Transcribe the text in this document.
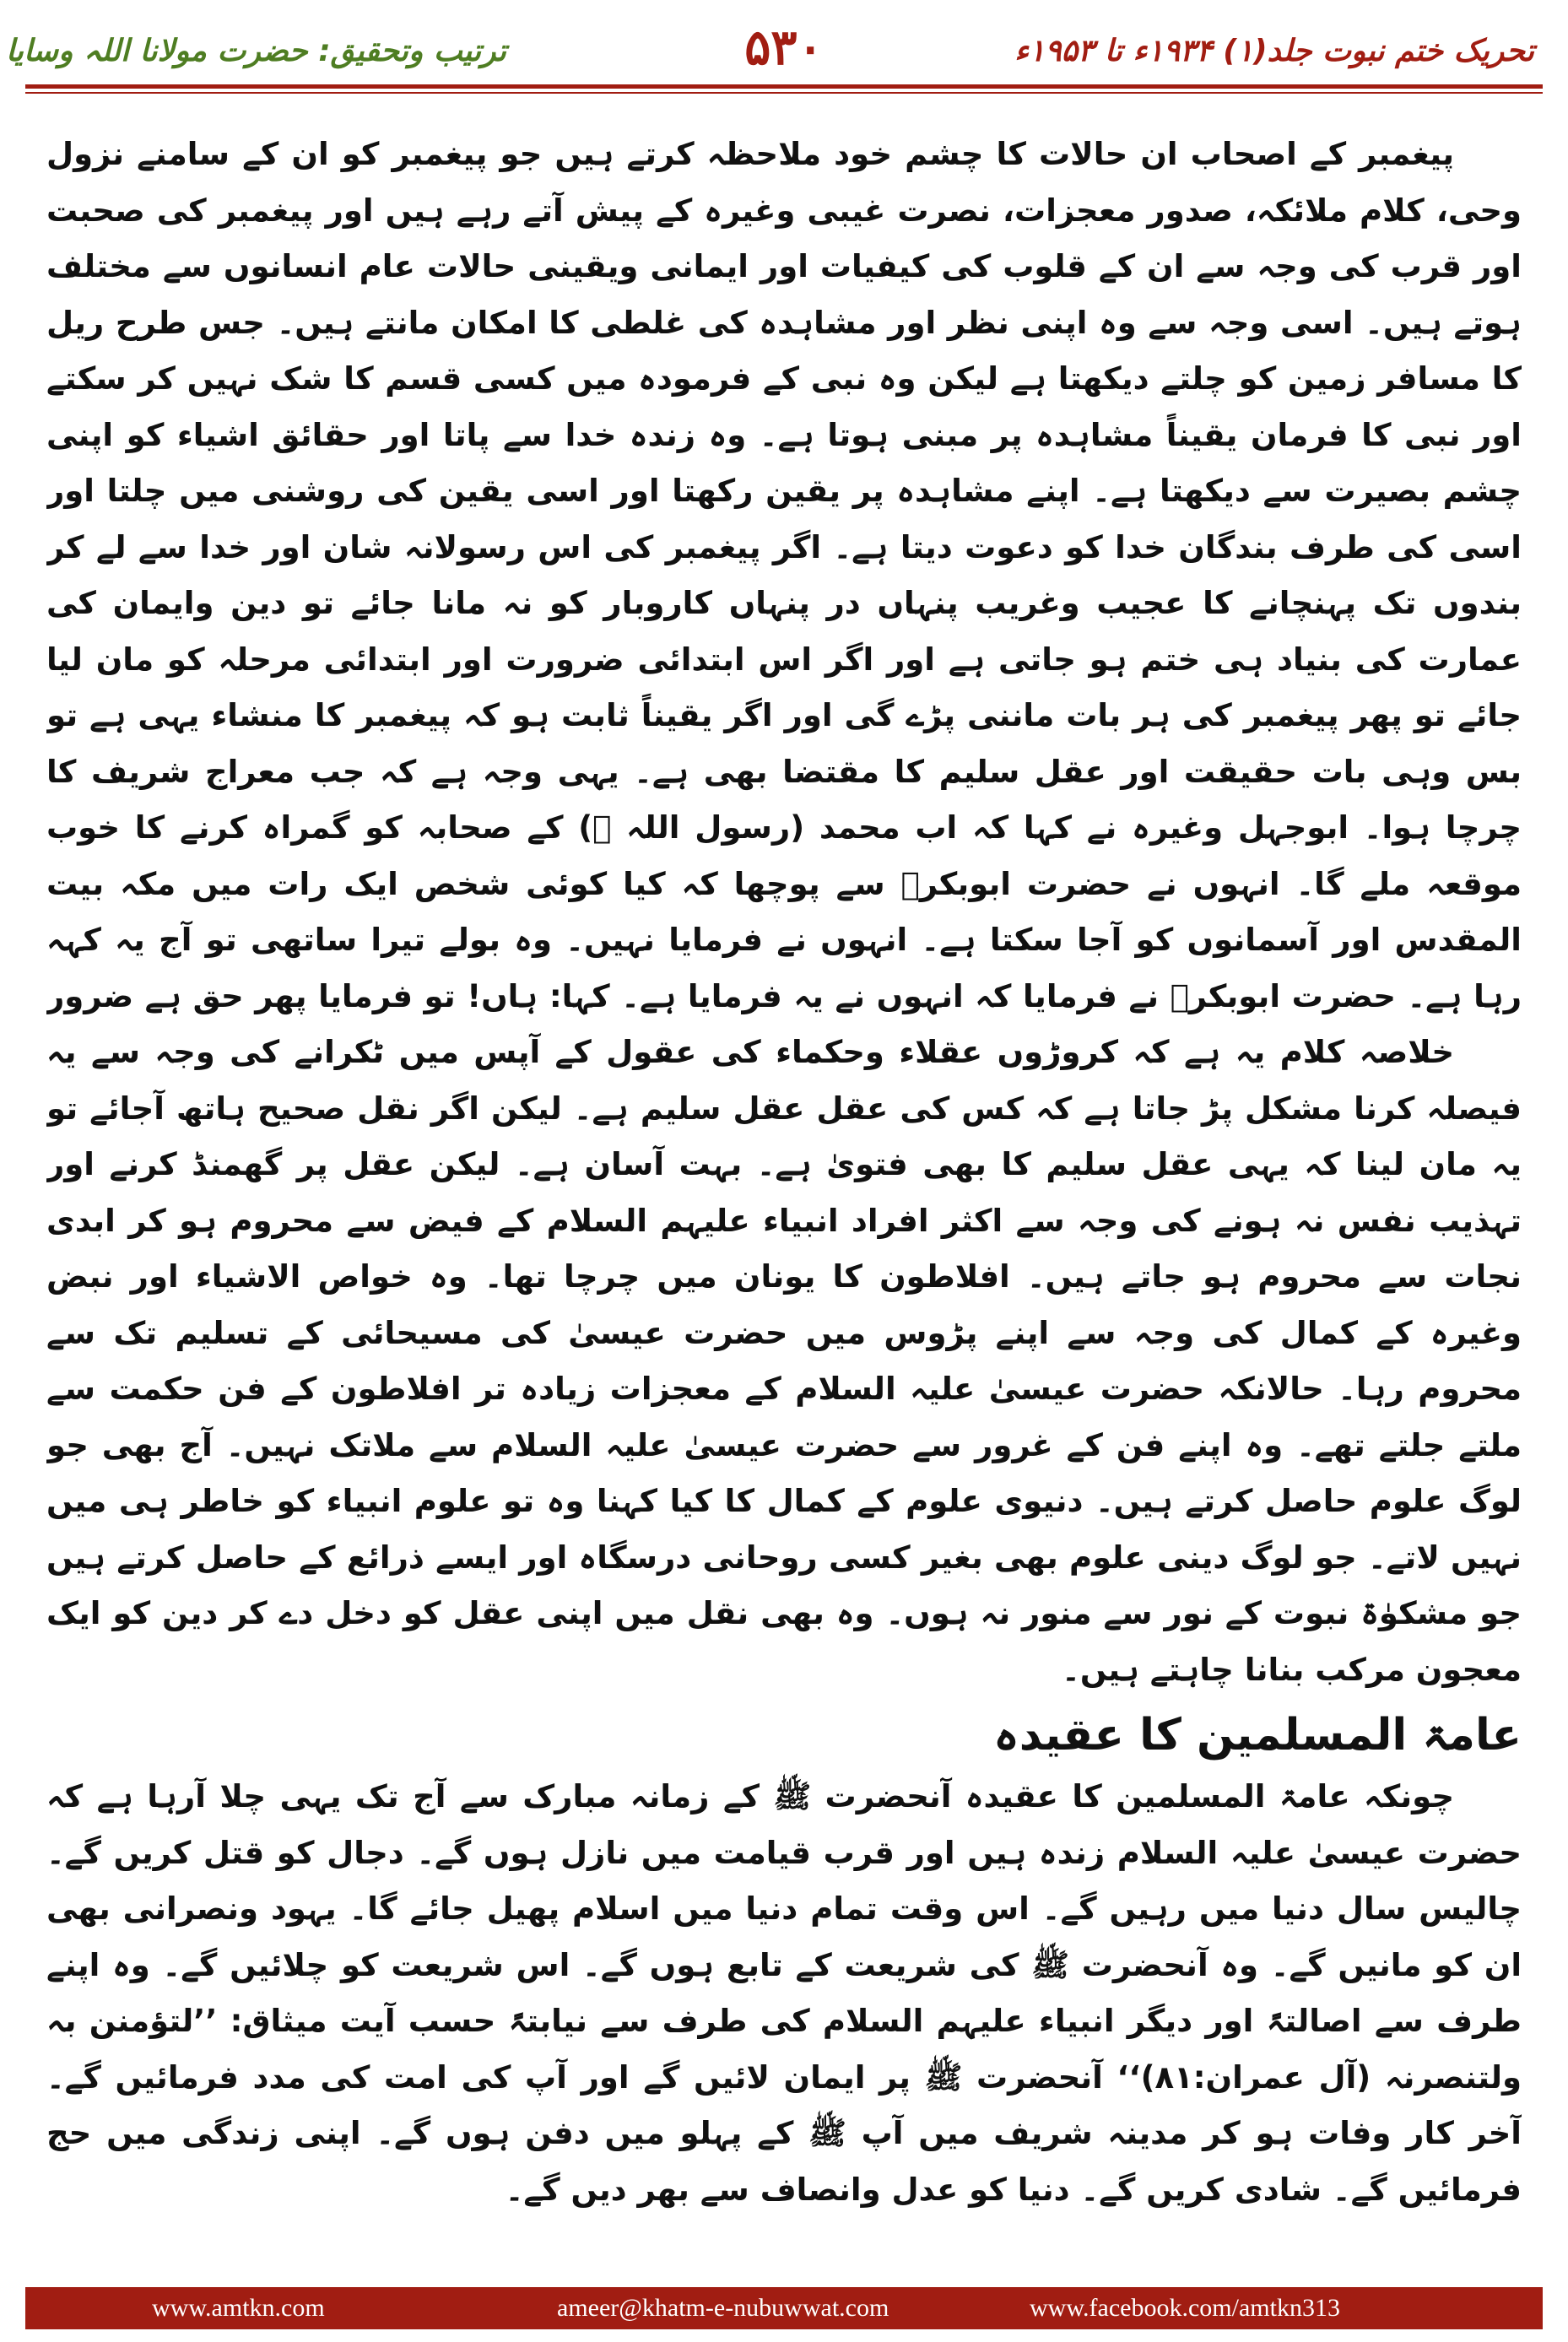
ترتیب وتحقیق: حضرت مولانا اللہ وسایا	۵۳۰	تحریک ختم نبوت جلد(۱) ۱۹۳۴ء تا ۱۹۵۳ء

پیغمبر کے اصحاب ان حالات کا چشم خود ملاحظہ کرتے ہیں جو پیغمبر کو ان کے سامنے نزول وحی، کلام ملائکہ، صدور معجزات، نصرت غیبی وغیرہ کے پیش آتے رہے ہیں اور پیغمبر کی صحبت اور قرب کی وجہ سے ان کے قلوب کی کیفیات اور ایمانی ویقینی حالات عام انسانوں سے مختلف ہوتے ہیں۔ اسی وجہ سے وہ اپنی نظر اور مشاہدہ کی غلطی کا امکان مانتے ہیں۔ جس طرح ریل کا مسافر زمین کو چلتے دیکھتا ہے لیکن وہ نبی کے فرمودہ میں کسی قسم کا شک نہیں کر سکتے اور نبی کا فرمان یقیناً مشاہدہ پر مبنی ہوتا ہے۔ وہ زندہ خدا سے پاتا اور حقائق اشیاء کو اپنی چشم بصیرت سے دیکھتا ہے۔ اپنے مشاہدہ پر یقین رکھتا اور اسی یقین کی روشنی میں چلتا اور اسی کی طرف بندگان خدا کو دعوت دیتا ہے۔ اگر پیغمبر کی اس رسولانہ شان اور خدا سے لے کر بندوں تک پہنچانے کا عجیب وغریب پنہاں در پنہاں کاروبار کو نہ مانا جائے تو دین وایمان کی عمارت کی بنیاد ہی ختم ہو جاتی ہے اور اگر اس ابتدائی ضرورت اور ابتدائی مرحلہ کو مان لیا جائے تو پھر پیغمبر کی ہر بات ماننی پڑے گی اور اگر یقیناً ثابت ہو کہ پیغمبر کا منشاء یہی ہے تو بس وہی بات حقیقت اور عقل سلیم کا مقتضا بھی ہے۔ یہی وجہ ہے کہ جب معراج شریف کا چرچا ہوا۔ ابوجہل وغیرہ نے کہا کہ اب محمد (رسول اللہ ﷺ) کے صحابہ کو گمراہ کرنے کا خوب موقعہ ملے گا۔ انہوں نے حضرت ابوبکرؓ سے پوچھا کہ کیا کوئی شخص ایک رات میں مکہ بیت المقدس اور آسمانوں کو آجا سکتا ہے۔ انہوں نے فرمایا نہیں۔ وہ بولے تیرا ساتھی تو آج یہ کہہ رہا ہے۔ حضرت ابوبکرؓ نے فرمایا کہ انہوں نے یہ فرمایا ہے۔ کہا: ہاں! تو فرمایا پھر حق ہے ضرور

خلاصہ کلام یہ ہے کہ کروڑوں عقلاء وحکماء کی عقول کے آپس میں ٹکرانے کی وجہ سے یہ فیصلہ کرنا مشکل پڑ جاتا ہے کہ کس کی عقل عقل سلیم ہے۔ لیکن اگر نقل صحیح ہاتھ آجائے تو یہ مان لینا کہ یہی عقل سلیم کا بھی فتویٰ ہے۔ بہت آسان ہے۔ لیکن عقل پر گھمنڈ کرنے اور تہذیب نفس نہ ہونے کی وجہ سے اکثر افراد انبیاء علیہم السلام کے فیض سے محروم ہو کر ابدی نجات سے محروم ہو جاتے ہیں۔ افلاطون کا یونان میں چرچا تھا۔ وہ خواص الاشیاء اور نبض وغیرہ کے کمال کی وجہ سے اپنے پڑوس میں حضرت عیسیٰ کی مسیحائی کے تسلیم تک سے محروم رہا۔ حالانکہ حضرت عیسیٰ علیہ السلام کے معجزات زیادہ تر افلاطون کے فن حکمت سے ملتے جلتے تھے۔ وہ اپنے فن کے غرور سے حضرت عیسیٰ علیہ السلام سے ملاتک نہیں۔ آج بھی جو لوگ علوم حاصل کرتے ہیں۔ دنیوی علوم کے کمال کا کیا کہنا وہ تو علوم انبیاء کو خاطر ہی میں نہیں لاتے۔ جو لوگ دینی علوم بھی بغیر کسی روحانی درسگاہ اور ایسے ذرائع کے حاصل کرتے ہیں جو مشکوٰۃ نبوت کے نور سے منور نہ ہوں۔ وہ بھی نقل میں اپنی عقل کو دخل دے کر دین کو ایک معجون مرکب بنانا چاہتے ہیں۔

عامۃ المسلمین کا عقیدہ

چونکہ عامۃ المسلمین کا عقیدہ آنحضرت ﷺ کے زمانہ مبارک سے آج تک یہی چلا آرہا ہے کہ حضرت عیسیٰ علیہ السلام زندہ ہیں اور قرب قیامت میں نازل ہوں گے۔ دجال کو قتل کریں گے۔ چالیس سال دنیا میں رہیں گے۔ اس وقت تمام دنیا میں اسلام پھیل جائے گا۔ یہود ونصرانی بھی ان کو مانیں گے۔ وہ آنحضرت ﷺ کی شریعت کے تابع ہوں گے۔ اس شریعت کو چلائیں گے۔ وہ اپنے طرف سے اصالتہً اور دیگر انبیاء علیہم السلام کی طرف سے نیابتہً حسب آیت میثاق: ’’لتؤمنن بہ ولتنصرنہ (آل عمران:۸۱)‘‘ آنحضرت ﷺ پر ایمان لائیں گے اور آپ کی امت کی مدد فرمائیں گے۔ آخر کار وفات ہو کر مدینہ شریف میں آپ ﷺ کے پہلو میں دفن ہوں گے۔ اپنی زندگی میں حج فرمائیں گے۔ شادی کریں گے۔ دنیا کو عدل وانصاف سے بھر دیں گے۔

www.amtkn.com	ameer@khatm-e-nubuwwat.com	www.facebook.com/amtkn313
